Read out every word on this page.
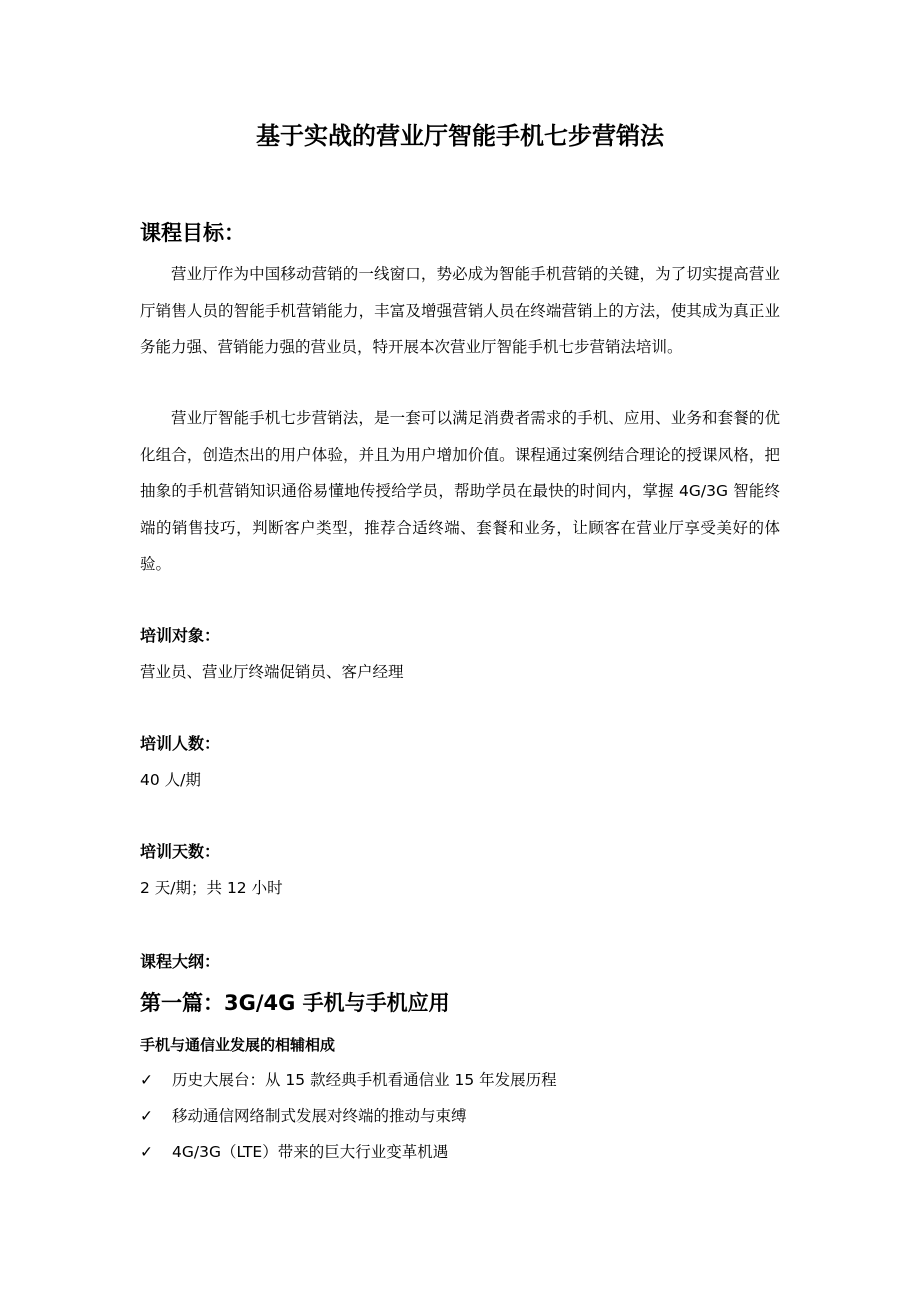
基于实战的营业厅智能手机七步营销法
课程目标：
营业厅作为中国移动营销的一线窗口，势必成为智能手机营销的关键，为了切实提高营业厅销售人员的智能手机营销能力，丰富及增强营销人员在终端营销上的方法，使其成为真正业务能力强、营销能力强的营业员，特开展本次营业厅智能手机七步营销法培训。
营业厅智能手机七步营销法，是一套可以满足消费者需求的手机、应用、业务和套餐的优化组合，创造杰出的用户体验，并且为用户增加价值。课程通过案例结合理论的授课风格，把抽象的手机营销知识通俗易懂地传授给学员，帮助学员在最快的时间内，掌握 4G/3G 智能终端的销售技巧，判断客户类型，推荐合适终端、套餐和业务，让顾客在营业厅享受美好的体验。
培训对象：
营业员、营业厅终端促销员、客户经理
培训人数：
40 人/期
培训天数：
2 天/期；共 12 小时
课程大纲：
第一篇：3G/4G 手机与手机应用
手机与通信业发展的相辅相成
✓ 历史大展台：从 15 款经典手机看通信业 15 年发展历程
✓ 移动通信网络制式发展对终端的推动与束缚
✓ 4G/3G（LTE）带来的巨大行业变革机遇
